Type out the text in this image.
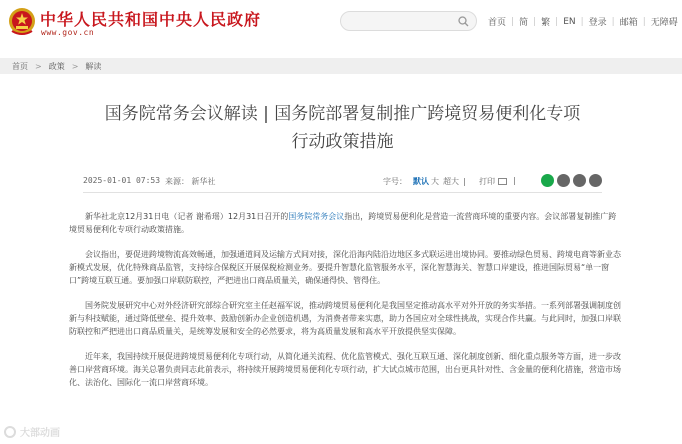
中华人民共和国中央人民政府
www.gov.cn
首页 | 简 | 繁 | EN | 登录 | 邮箱 | 无障碍
首页 > 政策 > 解读
国务院常务会议解读 | 国务院部署复制推广跨境贸易便利化专项行动政策措施
2025-01-01 07:53 来源： 新华社	字号： 默认 大 超大 |	打印	|

新华社北京12月31日电（记者 谢希瑶）12月31日召开的国务院常务会议指出，跨境贸易便利化是营造一流营商环境的重要内容。会议部署复制推广跨境贸易便利化专项行动政策措施。

会议指出，要促进跨境物流高效畅通，加强通道间及运输方式间对接，深化沿海内陆沿边地区多式联运进出境协同。要推动绿色贸易、跨境电商等新业态新模式发展，优化特殊商品监管，支持综合保税区开展保税检测业务。要提升智慧化监管服务水平，深化智慧海关、智慧口岸建设，推进国际贸易“单一窗口”跨境互联互通。要加强口岸联防联控，严把进出口商品质量关，确保通得快、管得住。

国务院发展研究中心对外经济研究部综合研究室主任赵福军说，推动跨境贸易便利化是我国坚定推动高水平对外开放的务实举措。一系列部署强调制度创新与科技赋能，通过降低壁垒、提升效率、鼓励创新办企业创造机遇，为消费者带来实惠，助力各国应对全球性挑战，实现合作共赢。与此同时，加强口岸联防联控和严把进出口商品质量关，是统筹发展和安全的必然要求，将为高质量发展和高水平开放提供坚实保障。

近年来，我国持续开展促进跨境贸易便利化专项行动，从简化通关流程、优化监管模式、强化互联互通、深化制度创新、细化重点服务等方面，进一步改善口岸营商环境。海关总署负责同志此前表示，将持续开展跨境贸易便利化专项行动，扩大试点城市范围，出台更具针对性、含金量的便利化措施，营造市场化、法治化、国际化一流口岸营商环境。

大部动画
